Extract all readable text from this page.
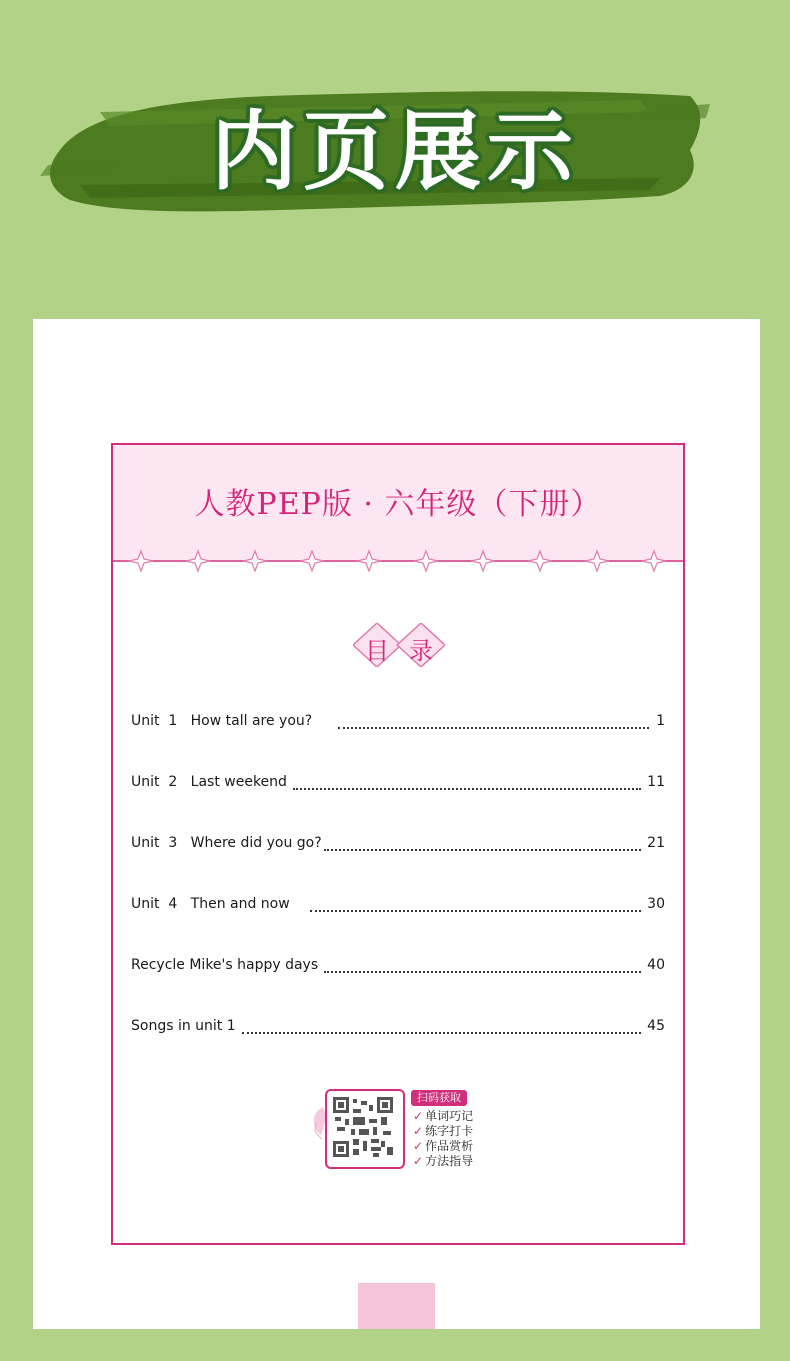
内页展示
人教PEP版 · 六年级（下册）
目 录
Unit  1   How tall are you?	1
Unit  2   Last weekend	11
Unit  3   Where did you go?	21
Unit  4   Then and now	30
Recycle Mike's happy days	40
Songs in unit 1	45
扫码获取
✓ 单词巧记
✓ 练字打卡
✓ 作品赏析
✓ 方法指导
